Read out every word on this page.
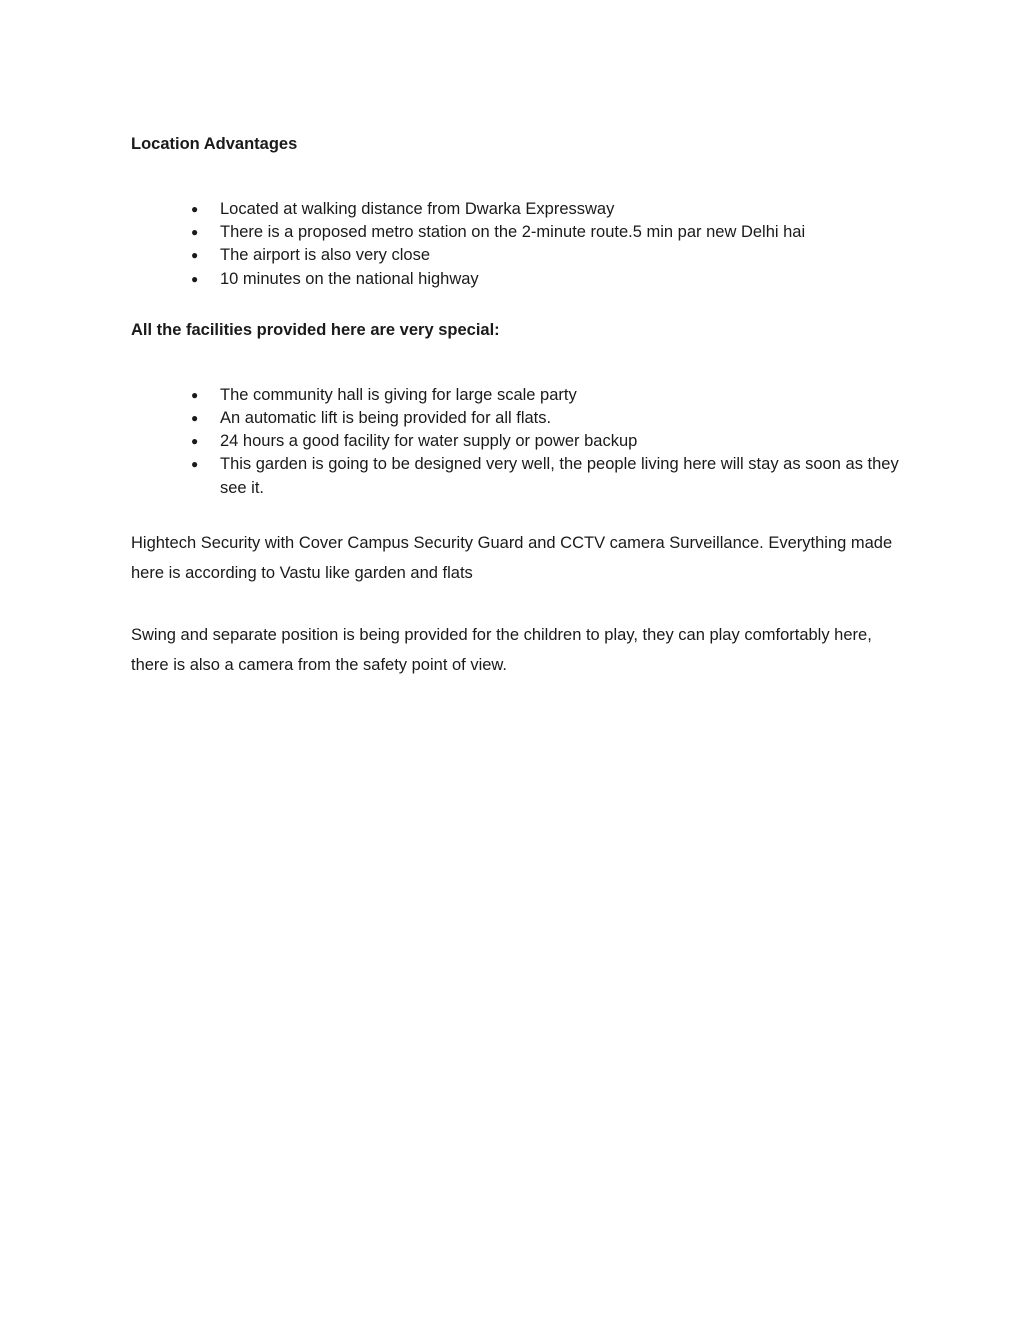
Location Advantages

● Located at walking distance from Dwarka Expressway
● There is a proposed metro station on the 2-minute route.5 min par new Delhi hai
● The airport is also very close
● 10 minutes on the national highway

All the facilities provided here are very special:

● The community hall is giving for large scale party
● An automatic lift is being provided for all flats.
● 24 hours a good facility for water supply or power backup
● This garden is going to be designed very well, the people living here will stay as soon as they see it.

Hightech Security with Cover Campus Security Guard and CCTV camera Surveillance. Everything made here is according to Vastu like garden and flats

Swing and separate position is being provided for the children to play, they can play comfortably here, there is also a camera from the safety point of view.
